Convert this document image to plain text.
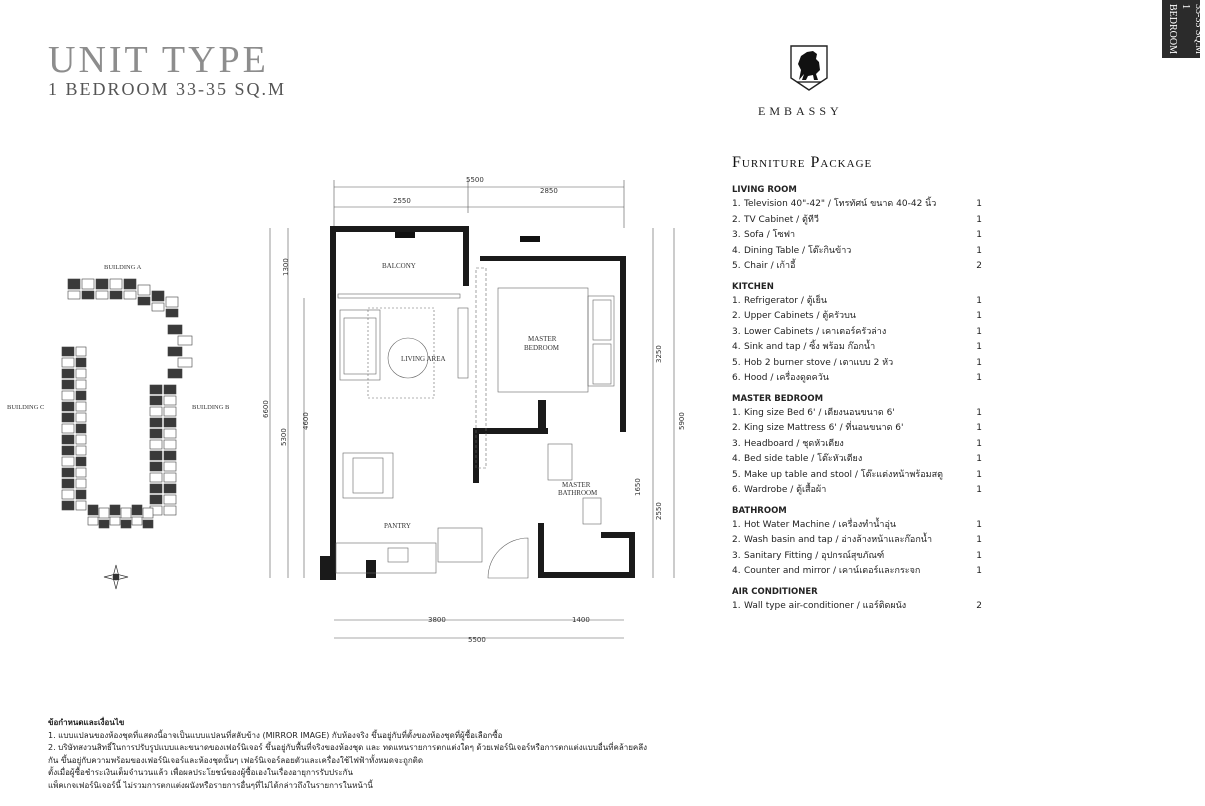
UNIT TYPE
1 BEDROOM 33-35 SQ.M
33-35 SQ.M 1 BEDROOM
EMBASSY
BUILDING A
BUILDING B
BUILDING C
BALCONY
LIVING AREA
MASTER
BEDROOM
MASTER
BATHROOM
PANTRY
5500
2550
2850
3800	1400
5500
1300
6600
5300
4600
3250
5900
1650
2550
Furniture Package
LIVING ROOM
1. Television 40"-42" / โทรทัศน์ ขนาด 40-42 นิ้ว	1
2. TV Cabinet / ตู้ทีวี	1
3. Sofa / โซฟา	1
4. Dining Table / โต๊ะกินข้าว	1
5. Chair / เก้าอี้	2
KITCHEN
1. Refrigerator / ตู้เย็น	1
2. Upper Cabinets / ตู้ครัวบน	1
3. Lower Cabinets / เคาเตอร์ครัวล่าง	1
4. Sink and tap / ซิ้ง พร้อม ก๊อกน้ำ	1
5. Hob 2 burner stove / เตาแบบ 2 หัว	1
6. Hood / เครื่องดูดควัน	1
MASTER BEDROOM
1. King size Bed 6' / เตียงนอนขนาด 6'	1
2. King size Mattress 6' / ที่นอนขนาด 6'	1
3. Headboard / ชุดหัวเตียง	1
4. Bed side table / โต๊ะหัวเตียง	1
5. Make up table and stool / โต๊ะแต่งหน้าพร้อมสตู	1
6. Wardrobe / ตู้เสื้อผ้า	1
BATHROOM
1. Hot Water Machine / เครื่องทำน้ำอุ่น	1
2. Wash basin and tap / อ่างล้างหน้าและก๊อกน้ำ	1
3. Sanitary Fitting / อุปกรณ์สุขภัณฑ์	1
4. Counter and mirror / เคาน์เตอร์และกระจก	1
AIR CONDITIONER
1. Wall type air-conditioner / แอร์ติดผนัง	2
ข้อกำหนดและเงื่อนไข
1. แบบแปลนของห้องชุดที่แสดงนี้อาจเป็นแบบแปลนที่สลับข้าง (MIRROR IMAGE) กับห้องจริง ขึ้นอยู่กับที่ตั้งของห้องชุดที่ผู้ซื้อเลือกซื้อ
2. บริษัทสงวนสิทธิ์ในการปรับรูปแบบและขนาดของเฟอร์นิเจอร์ ขึ้นอยู่กับพื้นที่จริงของห้องชุด และ ทดแทนรายการตกแต่งใดๆ ด้วยเฟอร์นิเจอร์หรือการตกแต่งแบบอื่นที่คล้ายคลึง
กัน ขึ้นอยู่กับความพร้อมของเฟอร์นิเจอร์และห้องชุดนั้นๆ เฟอร์นิเจอร์ลอยตัวและเครื่องใช้ไฟฟ้าทั้งหมดจะถูกติด
ตั้งเมื่อผู้ซื้อชำระเงินเต็มจำนวนแล้ว เพื่อผลประโยชน์ของผู้ซื้อเองในเรื่องอายุการรับประกัน
แพ็คเกจเฟอร์นิเจอร์นี้ ไม่รวมการตกแต่งผนังหรือรายการอื่นๆที่ไม่ได้กล่าวถึงในรายการในหน้านี้
